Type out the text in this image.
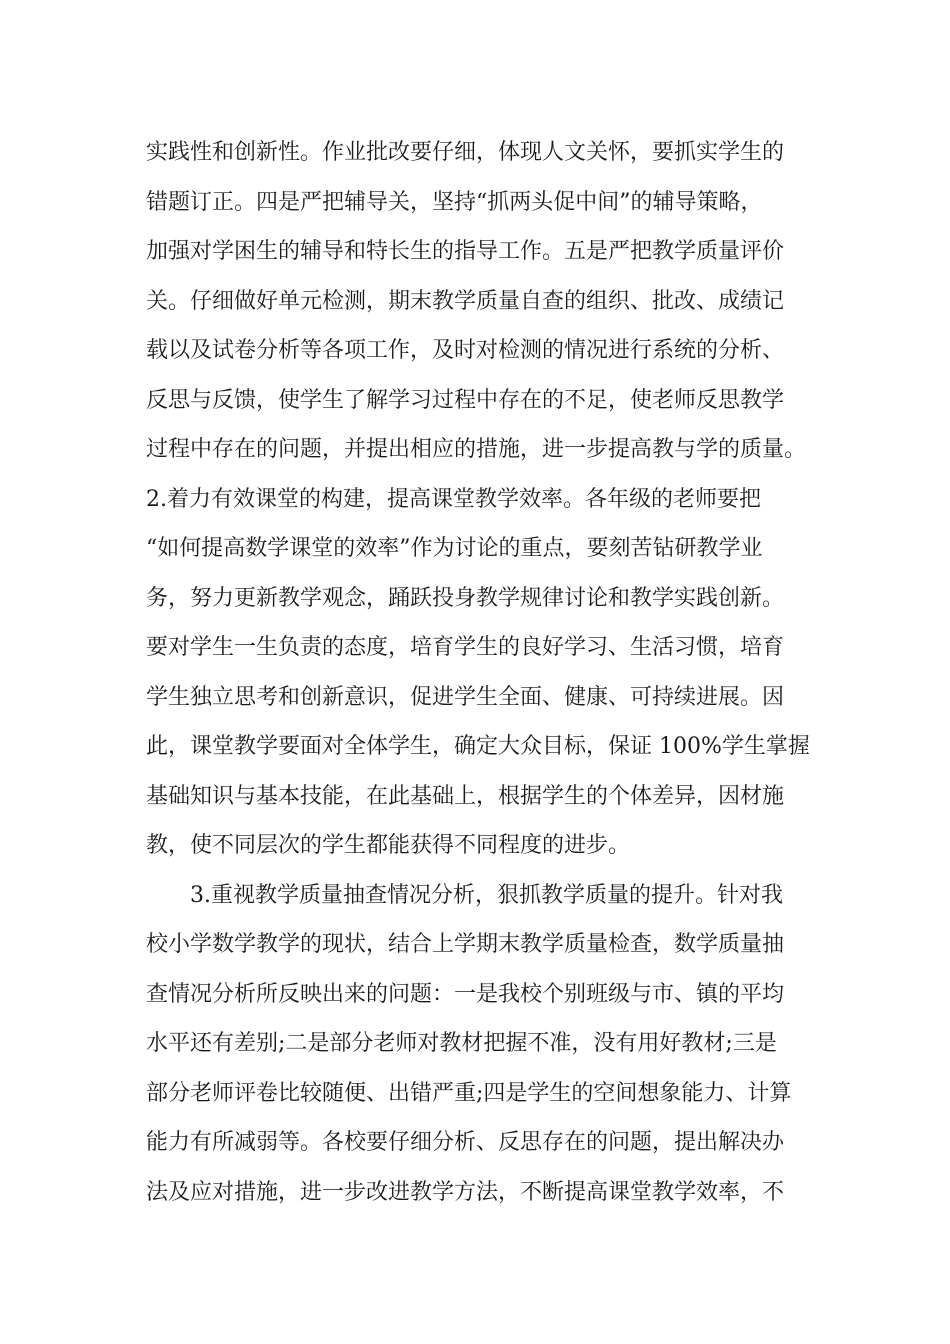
实践性和创新性。作业批改要仔细，体现人文关怀，要抓实学生的
错题订正。四是严把辅导关，坚持“抓两头促中间”的辅导策略，
加强对学困生的辅导和特长生的指导工作。五是严把教学质量评价
关。仔细做好单元检测，期末教学质量自查的组织、批改、成绩记
载以及试卷分析等各项工作，及时对检测的情况进行系统的分析、
反思与反馈，使学生了解学习过程中存在的不足，使老师反思教学
过程中存在的问题，并提出相应的措施，进一步提高教与学的质量。
2.着力有效课堂的构建，提高课堂教学效率。各年级的老师要把
“如何提高数学课堂的效率”作为讨论的重点，要刻苦钻研教学业
务，努力更新教学观念，踊跃投身教学规律讨论和教学实践创新。
要对学生一生负责的态度，培育学生的良好学习、生活习惯，培育
学生独立思考和创新意识，促进学生全面、健康、可持续进展。因
此，课堂教学要面对全体学生，确定大众目标，保证 100%学生掌握
基础知识与基本技能，在此基础上，根据学生的个体差异，因材施
教，使不同层次的学生都能获得不同程度的进步。
3.重视教学质量抽查情况分析，狠抓教学质量的提升。针对我
校小学数学教学的现状，结合上学期末教学质量检查，数学质量抽
查情况分析所反映出来的问题：一是我校个别班级与市、镇的平均
水平还有差别;二是部分老师对教材把握不准，没有用好教材;三是
部分老师评卷比较随便、出错严重;四是学生的空间想象能力、计算
能力有所减弱等。各校要仔细分析、反思存在的问题，提出解决办
法及应对措施，进一步改进教学方法，不断提高课堂教学效率，不
